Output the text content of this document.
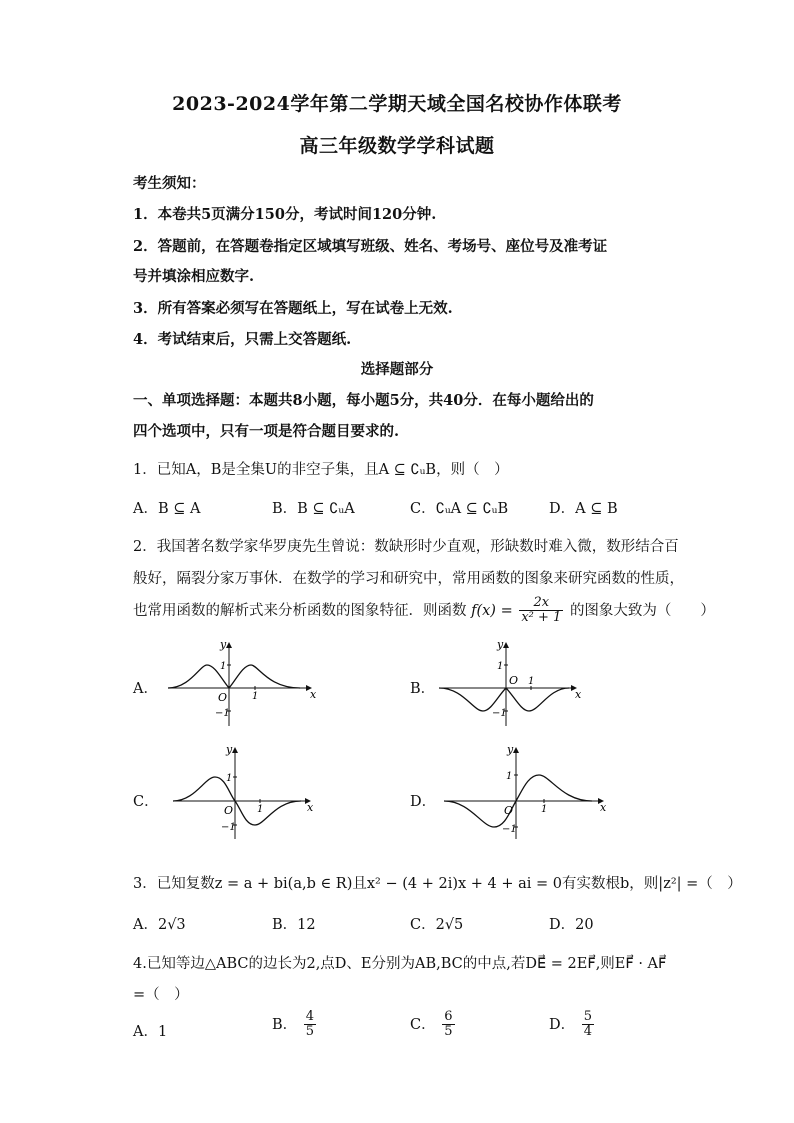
2023-2024学年第二学期天域全国名校协作体联考
高三年级数学学科试题
考生须知：
1．本卷共5页满分150分，考试时间120分钟.
2．答题前，在答题卷指定区域填写班级、姓名、考场号、座位号及准考证
号并填涂相应数字.
3．所有答案必须写在答题纸上，写在试卷上无效.
4．考试结束后，只需上交答题纸.
选择题部分
一、单项选择题：本题共8小题，每小题5分，共40分．在每小题给出的
四个选项中，只有一项是符合题目要求的.
1．已知A，B是全集U的非空子集，且A ⊆ ∁ᵤB，则（　）
A．B ⊆ A	B．B ⊆ ∁ᵤA	C．∁ᵤA ⊆ ∁ᵤB	D．A ⊆ B
2．我国著名数学家华罗庚先生曾说：数缺形时少直观，形缺数时难入微，数形结合百
般好，隔裂分家万事休．在数学的学习和研究中，常用函数的图象来研究函数的性质，
也常用函数的解析式来分析函数的图象特征．则函数 $f(x) = \frac{2x}{\text{x² + 1}}$ 的图象大致为（　　）
A．	B．
C．	D．
y
x
O
1
−1
1
y
x
O
1
−1
1
y
x
O
1
−1
1
y
x
O
1
−1
1
3．已知复数z = a + bi(a,b ∈ R)且x² − (4 + 2i)x + 4 + ai = 0有实数根b，则|z²| =（　）
A．2√3	B．12	C．2√5	D．20
4.已知等边△ABC的边长为2,点D、E分别为AB,BC的中点,若DE⃗ = 2EF⃗,则EF⃗ · AF⃗
=（　）
A．1	B． $\frac{4}{5}$	C． $\frac{6}{5}$	D． $\frac{5}{4}$
